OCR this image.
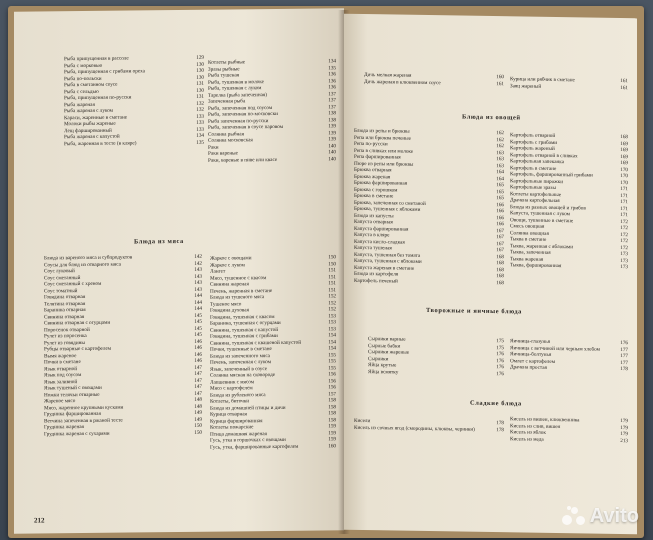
Рыба припущенная в рассоле	129
Рыба с морковью	130
Рыба, припущенная с грибами ореха	130
Рыба по-польски	130
Рыба в сметанном соусе	131
Рыба с сельдью	130
Рыба, припущенная по-русски	131
Рыба жареная	132
Рыба жареная с луком	132
Караси, жаренные в сметане	133
Молоки рыбы жареные	133
Лещ фаршированный	133
Рыба жареная с капустой	134
Рыба, жаренная в тесте (в кляре)	135
Котлеты рыбные	134
Зразы рыбные	135
Рыба тушеная	136
Рыба, тушенная в молоке	136
Рыба, тушенная с луком	136
Тарелка (рыба запеченная)	137
Запеченная рыба	137
Рыба, запеченная под соусом	137
Рыба, запеченная по-московски	138
Рыба запеченная по-русски	138
Рыба, запеченная в соусе паровом	139
Солянка рыбная	139
Солянка московская	139
Раки	140
Раки вареные	140
Раки, вареные в пиве или квасе	140
Блюда из мяса
Блюда из вареного мяса и субпродуктов	142
Соусы для блюд из отварного мяса	142
Соус луковый	143
Соус сметанный	143
Соус сметанный с хреном	143
Соус томатный	143
Говядина отварная	144
Телятина отварная	144
Баранина отварная	144
Свинина отварная	145
Свинина отварная с огурцами	145
Поросенок отварной	145
Рулет из поросенка	145
Рулет из говядины	146
Рубцы отварные с картофелем	146
Вымя жареное	146
Почки в сметане	146
Язык отварной	147
Язык под соусом	147
Язык заливной	147
Язык тушеный с овощами	147
Ножки телячьи отварные	147
Жареное мясо	148
Мясо, жаренное крупными кусками	148
Грудинка фаршированная	149
Ветчина запеченная в ржаной тесте	149
Грудинка жареная	150
Грудинка жареная с сухарями	150
Жаркое с овощами	150
Жаркое с луком	150
Лангет	151
Мясо, тушенное с квасом	151
Свинина жареная	151
Печень, жаренная в сметане	151
Блюда из тушеного мяса	152
Тушеное мясо	152
Говядина духовая	152
Говядина, тушенная с квасом	153
Баранина, тушенная с огурцами	153
Свинина, тушенная с капустой	153
Говядина, тушенная с грибами	154
Свинина, тушенная с квашеной капустой	154
Почки, тушенные в сметане	154
Блюда из запеченного мяса	155
Печень, запеченная с луком	155
Язык, запеченный в соусе	155
Солянка мясная на сковороде	156
Лапшевник с мясом	156
Мясо с картофелем	156
Блюда из рубленого мяса	157
Котлеты, биточки	158
Блюда из домашней птицы и дичи	158
Курица отварная	158
Курица фаршированная	158
Котлеты пожарские	159
Птица домашняя жареная	159
Гусь, утка в горшочках с овощами	159
Гусь, утка, фаршированные картофелем	160
212
Дичь мелкая жареная	160
Дичь жареная в клюквенном соусе	161
Курица или рябчик в сметане	161
Заяц жареный	161
Блюда из овощей
Блюда из репы и брюквы	162
Репа или брюква печеные	162
Репа по-русски	162
Репа в сливках или молоке	163
Репа фаршированная	163
Пюре из репы или брюквы	163
Брюква отварная	164
Брюква жареная	164
Брюква фаршированная	165
Брюква с горошком	165
Брюква в сметане	165
Брюква, запеченная со сметаной	166
Брюква, тушенная с яблоками	166
Блюда из капусты	166
Капуста отварная	166
Капуста фаршированная	167
Капуста в кляре	167
Капуста кисло-сладкая	167
Капуста тушеная	167
Капуста, тушенная без томата	168
Капуста, тушенная с яблоками	168
Капуста жареная в сметане	168
Блюда из картофеля	168
Картофель печеный	168
Картофель отварной	168
Картофель с грибами	169
Картофель жареный	169
Картофель отварной в сливках	169
Картофельная запеканка	169
Картофель в сметане	170
Картофель, фаршированный грибами	170
Картофельные пирожки	170
Картофельные зразы	171
Котлеты картофельные	171
Драчена картофельная	171
Блюда из разных овощей и грибов	171
Капуста, тушенная с луком	171
Овощи, тушенные в сметане	172
Смесь овощная	172
Солянка овощная	172
Тыква в сметане	172
Тыква, жаренная с яблоками	172
Тыква, запеченная	173
Тыква жареная	173
Тыква, фаршированная	173
Творожные и яичные блюда
Сырники варные	175
Сырные бабки	175
Сырники жареные	176
Сырники	176
Яйца крутые	176
Яйца всмятку	176
Яичница-глазунья	176
Яичница с ветчиной или черным хлебом	177
Яичница-болтунья	177
Омлет с картофелем	177
Драчена простая	178
Сладкие блюда
Кисели	178
Кисель из сочных ягод (смородины, клюквы, черники)	178
Кисель из вишен, клюквенника	179
Кисель из слив, вишен	179
Кисель из яблок	179
Кисель из меда	213
Avito
